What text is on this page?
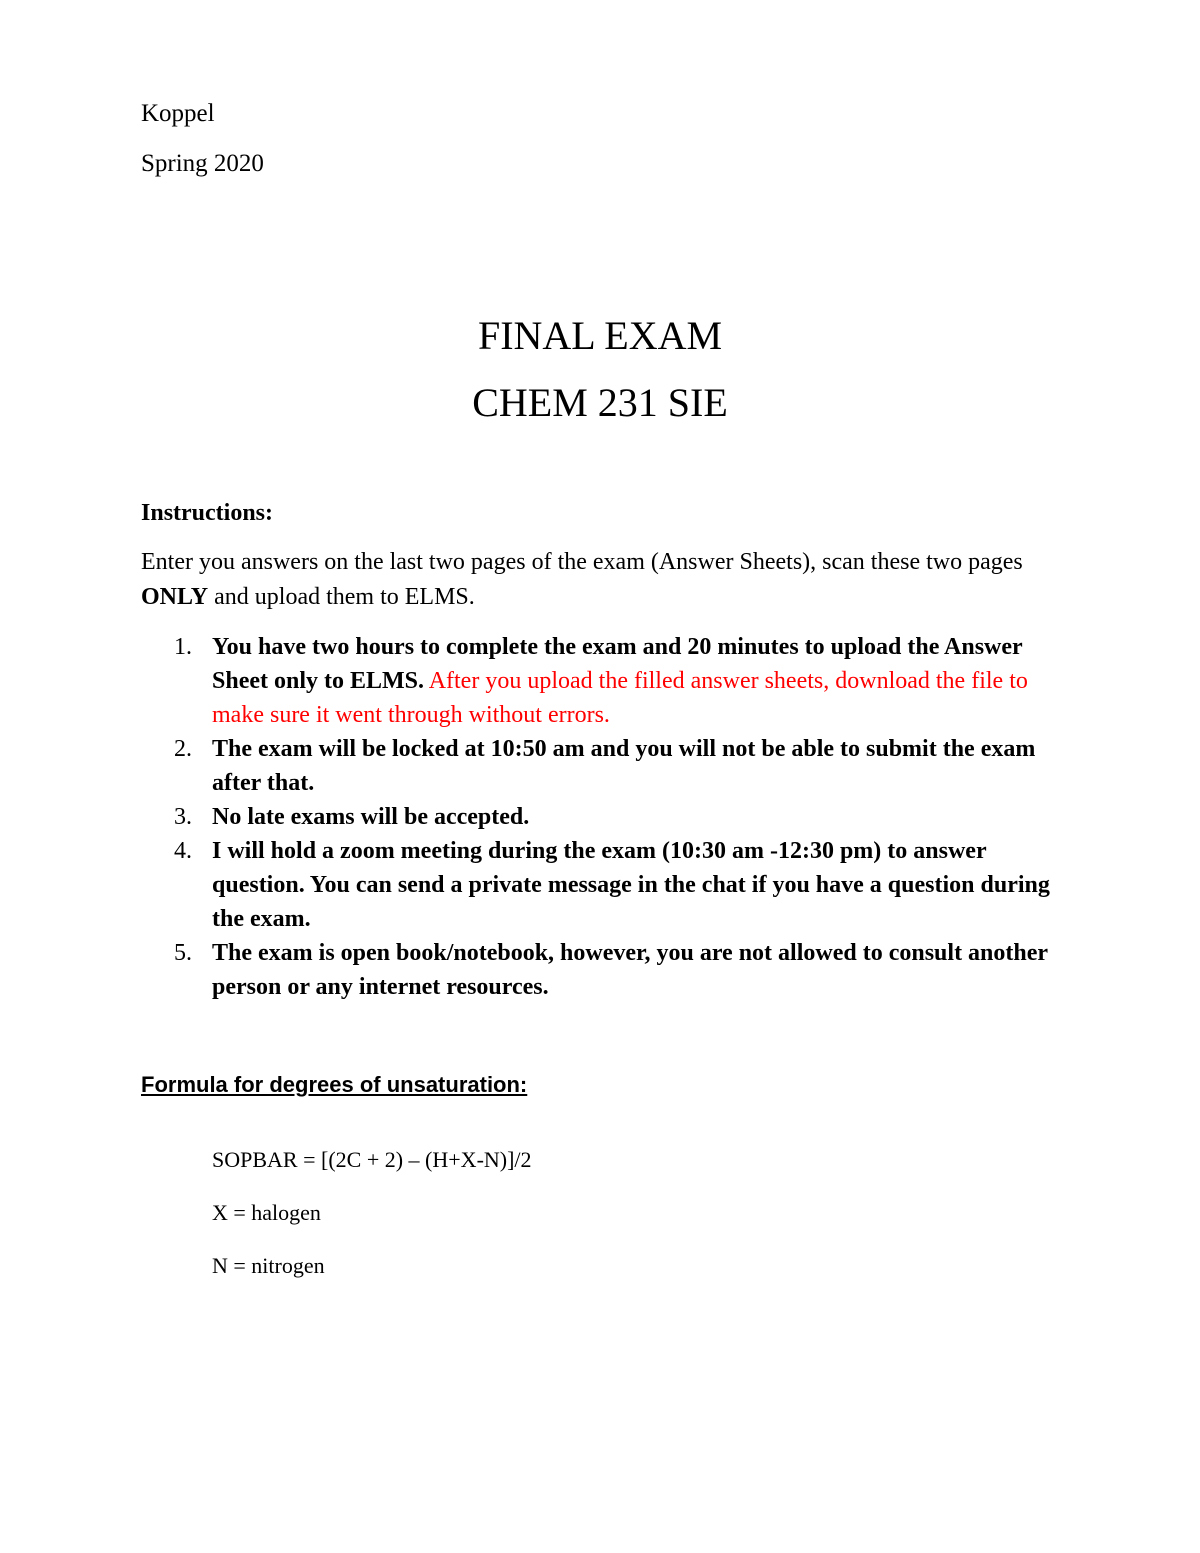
Koppel
Spring 2020
FINAL EXAM
CHEM 231 SIE
Instructions:
Enter you answers on the last two pages of the exam (Answer Sheets), scan these two pages ONLY and upload them to ELMS.
1. You have two hours to complete the exam and 20 minutes to upload the Answer Sheet only to ELMS. After you upload the filled answer sheets, download the file to make sure it went through without errors.
2. The exam will be locked at 10:50 am and you will not be able to submit the exam after that.
3. No late exams will be accepted.
4. I will hold a zoom meeting during the exam (10:30 am -12:30 pm) to answer question. You can send a private message in the chat if you have a question during the exam.
5. The exam is open book/notebook, however, you are not allowed to consult another person or any internet resources.
Formula for degrees of unsaturation:
SOPBAR = [(2C + 2) – (H+X-N)]/2
X = halogen
N = nitrogen
